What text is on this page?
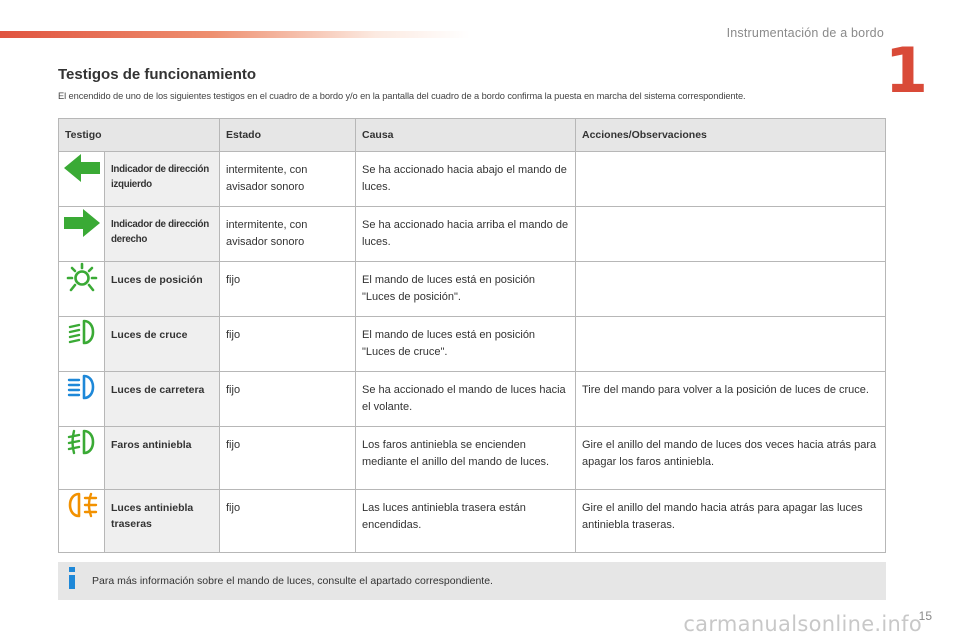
Instrumentación de a bordo
1
Testigos de funcionamiento

El encendido de uno de los siguientes testigos en el cuadro de a bordo y/o en la pantalla del cuadro de a bordo confirma la puesta en marcha del sistema correspondiente.

Testigo		Estado	Causa	Acciones/Observaciones

	Indicador de dirección izquierdo	intermitente, con avisador sonoro	Se ha accionado hacia abajo el mando de luces.	

	Indicador de dirección derecho	intermitente, con avisador sonoro	Se ha accionado hacia arriba el mando de luces.	

	Luces de posición	fijo	El mando de luces está en posición "Luces de posición".	

	Luces de cruce	fijo	El mando de luces está en posición "Luces de cruce".	

	Luces de carretera	fijo	Se ha accionado el mando de luces hacia el volante.	Tire del mando para volver a la posición de luces de cruce.

	Faros antiniebla	fijo	Los faros antiniebla se encienden mediante el anillo del mando de luces.	Gire el anillo del mando de luces dos veces hacia atrás para apagar los faros antiniebla.

	Luces antiniebla traseras	fijo	Las luces antiniebla trasera están encendidas.	Gire el anillo del mando hacia atrás para apagar las luces antiniebla traseras.
Para más información sobre el mando de luces, consulte el apartado correspondiente.
carmanualsonline.info
15
